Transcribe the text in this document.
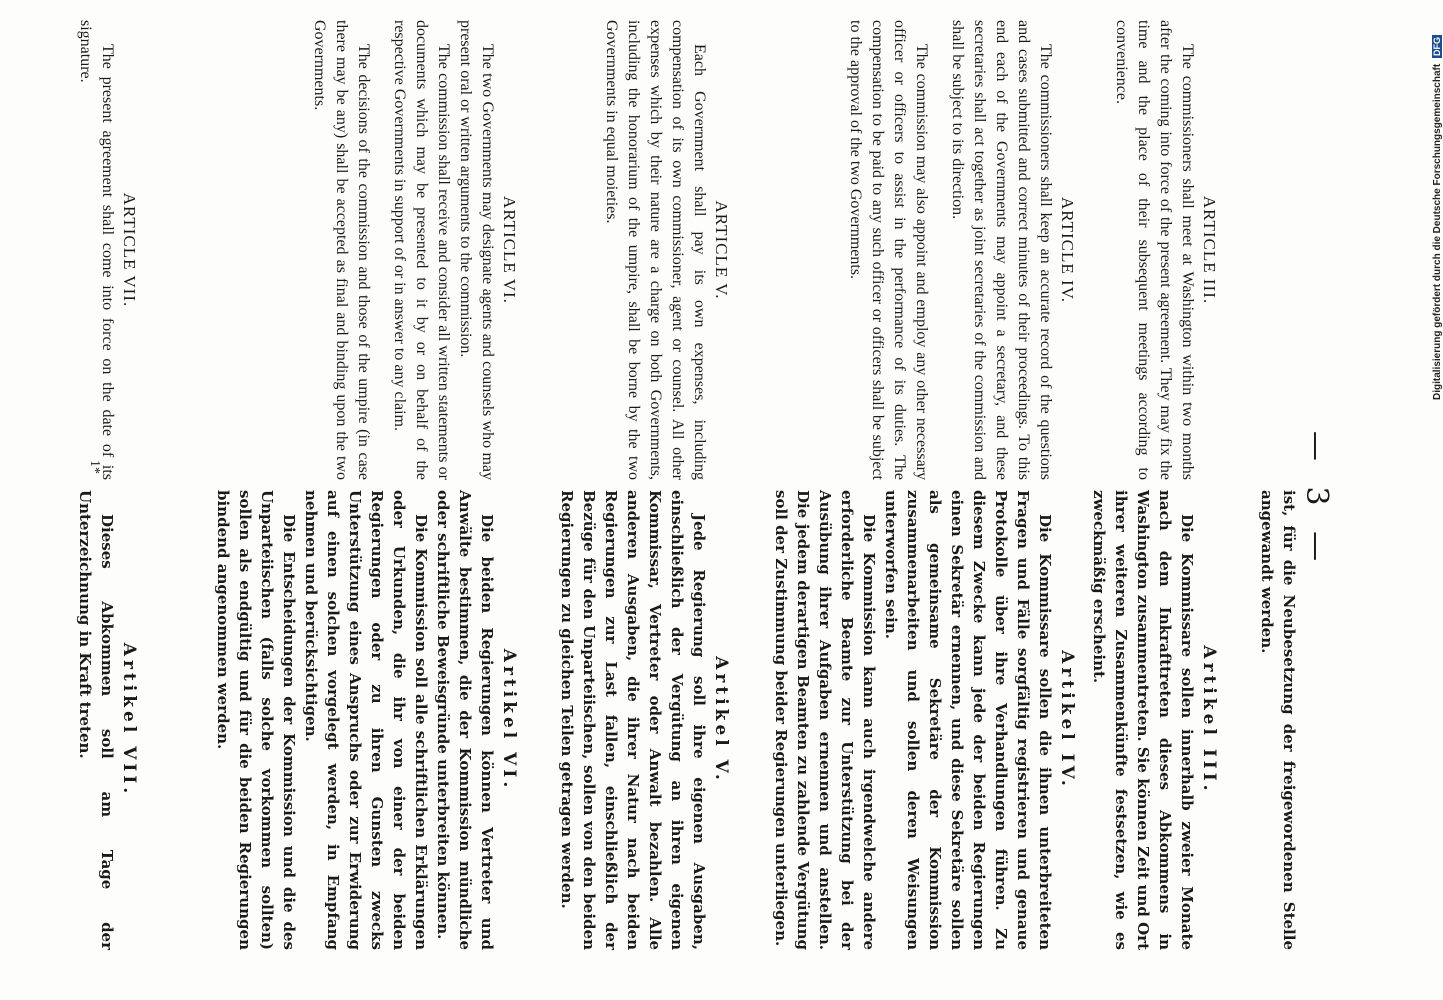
— 3 —

ARTICLE III.

The commissioners shall meet at Washington within two months after the coming into force of the present agreement. They may fix the time and the place of their subsequent meetings according to convenience.

ARTICLE IV.

The commissioners shall keep an accurate record of the questions and cases submitted and correct minutes of their proceedings. To this end each of the Governments may appoint a secretary, and these secretaries shall act together as joint secretaries of the commission and shall be subject to its direction.

The commission may also appoint and employ any other necessary officer or officers to assist in the performance of its duties. The compensation to be paid to any such officer or officers shall be subject to the approval of the two Governments.

ARTICLE V.

Each Government shall pay its own expenses, including compensation of its own commissioner, agent or counsel. All other expenses which by their nature are a charge on both Governments, including the honorarium of the umpire, shall be borne by the two Governments in equal moieties.

ARTICLE VI.

The two Governments may designate agents and counsels who may present oral or written arguments to the commission.

The commission shall receive and consider all written statements or documents which may be presented to it by or on behalf of the respective Governments in support of or in answer to any claim.

The decisions of the commission and those of the umpire (in case there may be any) shall be accepted as final and binding upon the two Governments.

ARTICLE VII.

The present agreement shall come into force on the date of its signature.

ist, für die Neubesetzung der freigewordenen Stelle angewandt werden.

Artikel III.

Die Kommissare sollen innerhalb zweier Monate nach dem Inkrafttreten dieses Abkommens in Washington zusammentreten. Sie können Zeit und Ort ihrer weiteren Zusammenkünfte festsetzen, wie es zweckmäßig erscheint.

Artikel IV.

Die Kommissare sollen die ihnen unterbreiteten Fragen und Fälle sorgfältig registrieren und genaue Protokolle über ihre Verhandlungen führen. Zu diesem Zwecke kann jede der beiden Regierungen einen Sekretär ernennen, und diese Sekretäre sollen als gemeinsame Sekretäre der Kommission zusammenarbeiten und sollen deren Weisungen unterworfen sein.

Die Kommission kann auch irgendwelche andere erforderliche Beamte zur Unterstützung bei der Ausübung ihrer Aufgaben ernennen und anstellen. Die jedem derartigen Beamten zu zahlende Vergütung soll der Zustimmung beider Regierungen unterliegen.

Artikel V.

Jede Regierung soll ihre eigenen Ausgaben, einschließlich der Vergütung an ihren eigenen Kommissar, Vertreter oder Anwalt bezahlen. Alle anderen Ausgaben, die ihrer Natur nach beiden Regierungen zur Last fallen, einschließlich der Bezüge für den Unparteiischen, sollen von den beiden Regierungen zu gleichen Teilen getragen werden.

Artikel VI.

Die beiden Regierungen können Vertreter und Anwälte bestimmen, die der Kommission mündliche oder schriftliche Beweisgründe unterbreiten können.

Die Kommission soll alle schriftlichen Erklärungen oder Urkunden, die ihr von einer der beiden Regierungen oder zu ihren Gunsten zwecks Unterstützung eines Anspruchs oder zur Erwiderung auf einen solchen vorgelegt werden, in Empfang nehmen und berücksichtigen.

Die Entscheidungen der Kommission und die des Unparteiischen (falls solche vorkommen sollten) sollen als endgültig und für die beiden Regierungen bindend angenommen werden.

Artikel VII.

Dieses Abkommen soll am Tage der Unterzeichnung in Kraft treten.

1*
Digitalisierung gefördert durch die Deutsche Forschungsgemeinschaft DFG
